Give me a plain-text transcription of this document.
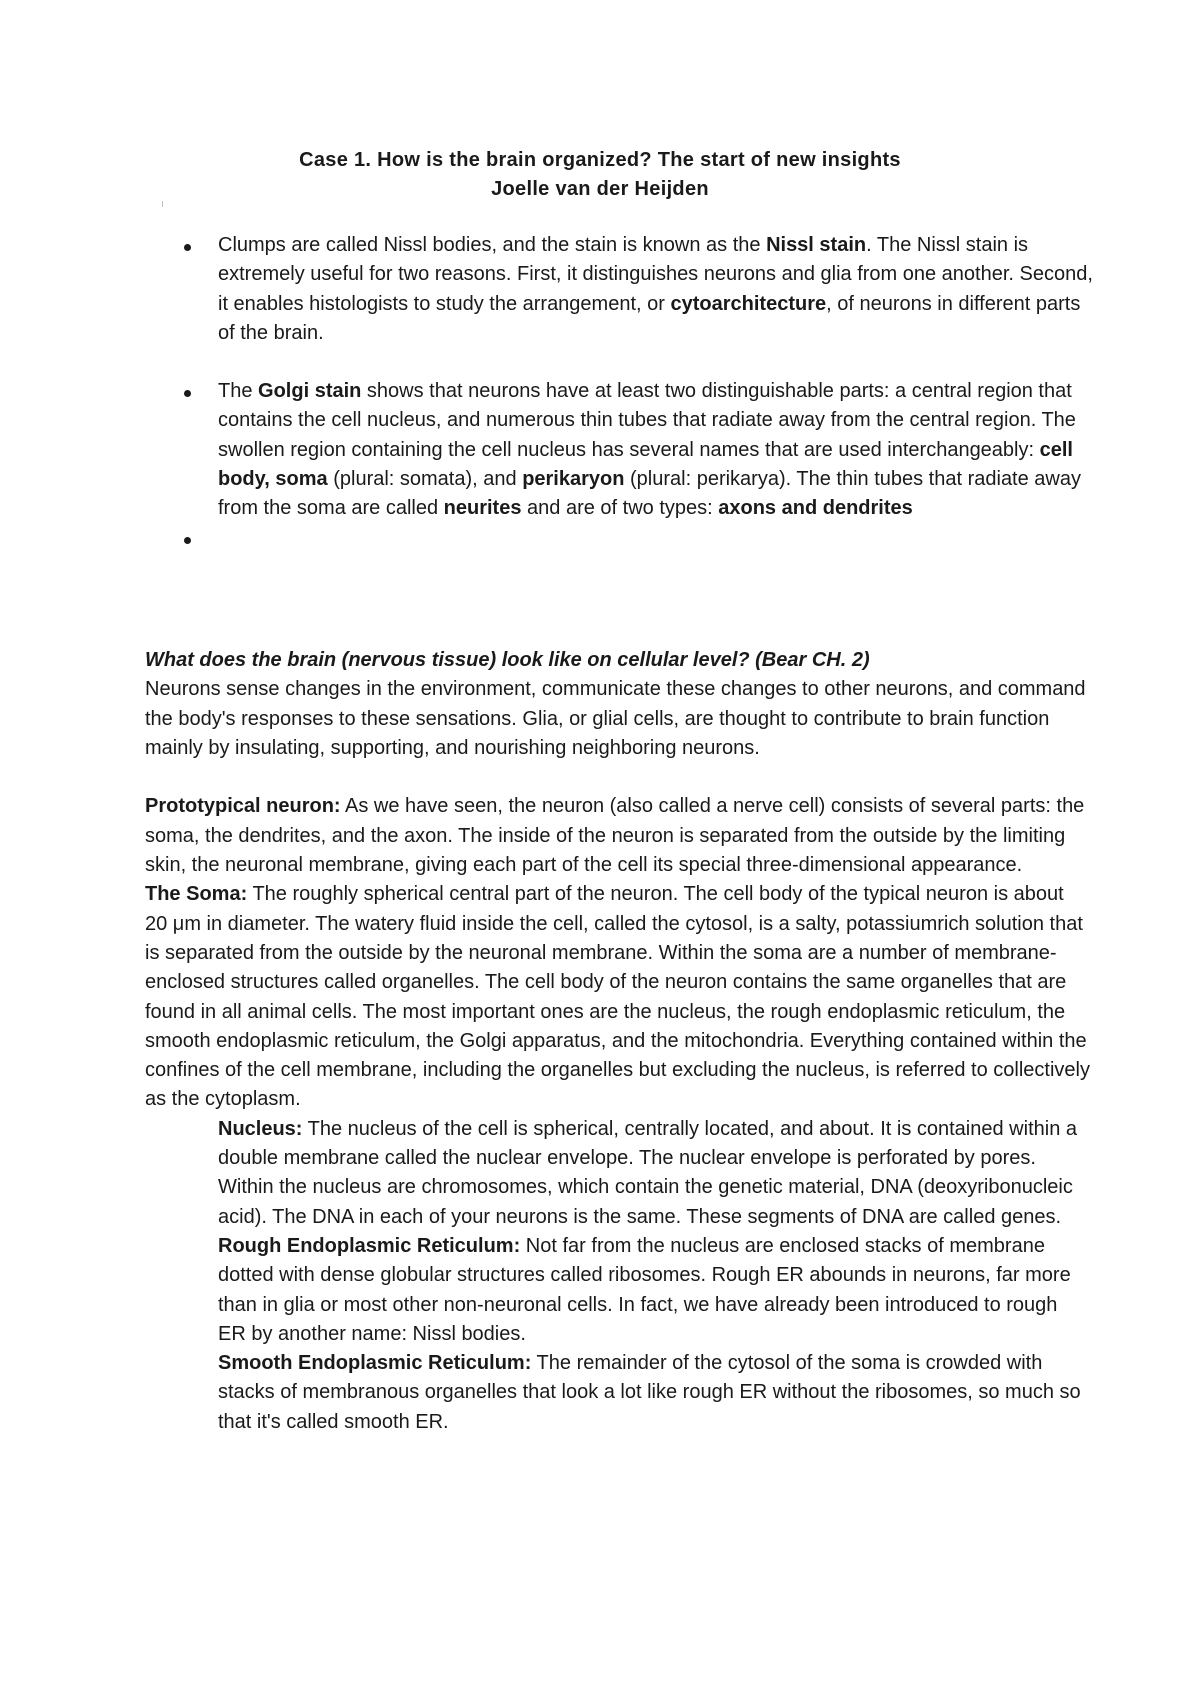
Case 1. How is the brain organized? The start of new insights
Joelle van der Heijden
Clumps are called Nissl bodies, and the stain is known as the Nissl stain. The Nissl stain is extremely useful for two reasons. First, it distinguishes neurons and glia from one another. Second, it enables histologists to study the arrangement, or cytoarchitecture, of neurons in different parts of the brain.
The Golgi stain shows that neurons have at least two distinguishable parts: a central region that contains the cell nucleus, and numerous thin tubes that radiate away from the central region. The swollen region containing the cell nucleus has several names that are used interchangeably: cell body, soma (plural: somata), and perikaryon (plural: perikarya). The thin tubes that radiate away from the soma are called neurites and are of two types: axons and dendrites

What does the brain (nervous tissue) look like on cellular level? (Bear CH. 2)

Neurons sense changes in the environment, communicate these changes to other neurons, and command the body's responses to these sensations. Glia, or glial cells, are thought to contribute to brain function mainly by insulating, supporting, and nourishing neighboring neurons.

Prototypical neuron: As we have seen, the neuron (also called a nerve cell) consists of several parts: the soma, the dendrites, and the axon. The inside of the neuron is separated from the outside by the limiting skin, the neuronal membrane, giving each part of the cell its special three-dimensional appearance.

The Soma: The roughly spherical central part of the neuron. The cell body of the typical neuron is about 20 μm in diameter. The watery fluid inside the cell, called the cytosol, is a salty, potassiumrich solution that is separated from the outside by the neuronal membrane. Within the soma are a number of membrane-enclosed structures called organelles. The cell body of the neuron contains the same organelles that are found in all animal cells. The most important ones are the nucleus, the rough endoplasmic reticulum, the smooth endoplasmic reticulum, the Golgi apparatus, and the mitochondria. Everything contained within the confines of the cell membrane, including the organelles but excluding the nucleus, is referred to collectively as the cytoplasm.

Nucleus: The nucleus of the cell is spherical, centrally located, and about. It is contained within a double membrane called the nuclear envelope. The nuclear envelope is perforated by pores. Within the nucleus are chromosomes, which contain the genetic material, DNA (deoxyribonucleic acid). The DNA in each of your neurons is the same. These segments of DNA are called genes.

Rough Endoplasmic Reticulum: Not far from the nucleus are enclosed stacks of membrane dotted with dense globular structures called ribosomes. Rough ER abounds in neurons, far more than in glia or most other non-neuronal cells. In fact, we have already been introduced to rough ER by another name: Nissl bodies.

Smooth Endoplasmic Reticulum: The remainder of the cytosol of the soma is crowded with stacks of membranous organelles that look a lot like rough ER without the ribosomes, so much so that it's called smooth ER.
